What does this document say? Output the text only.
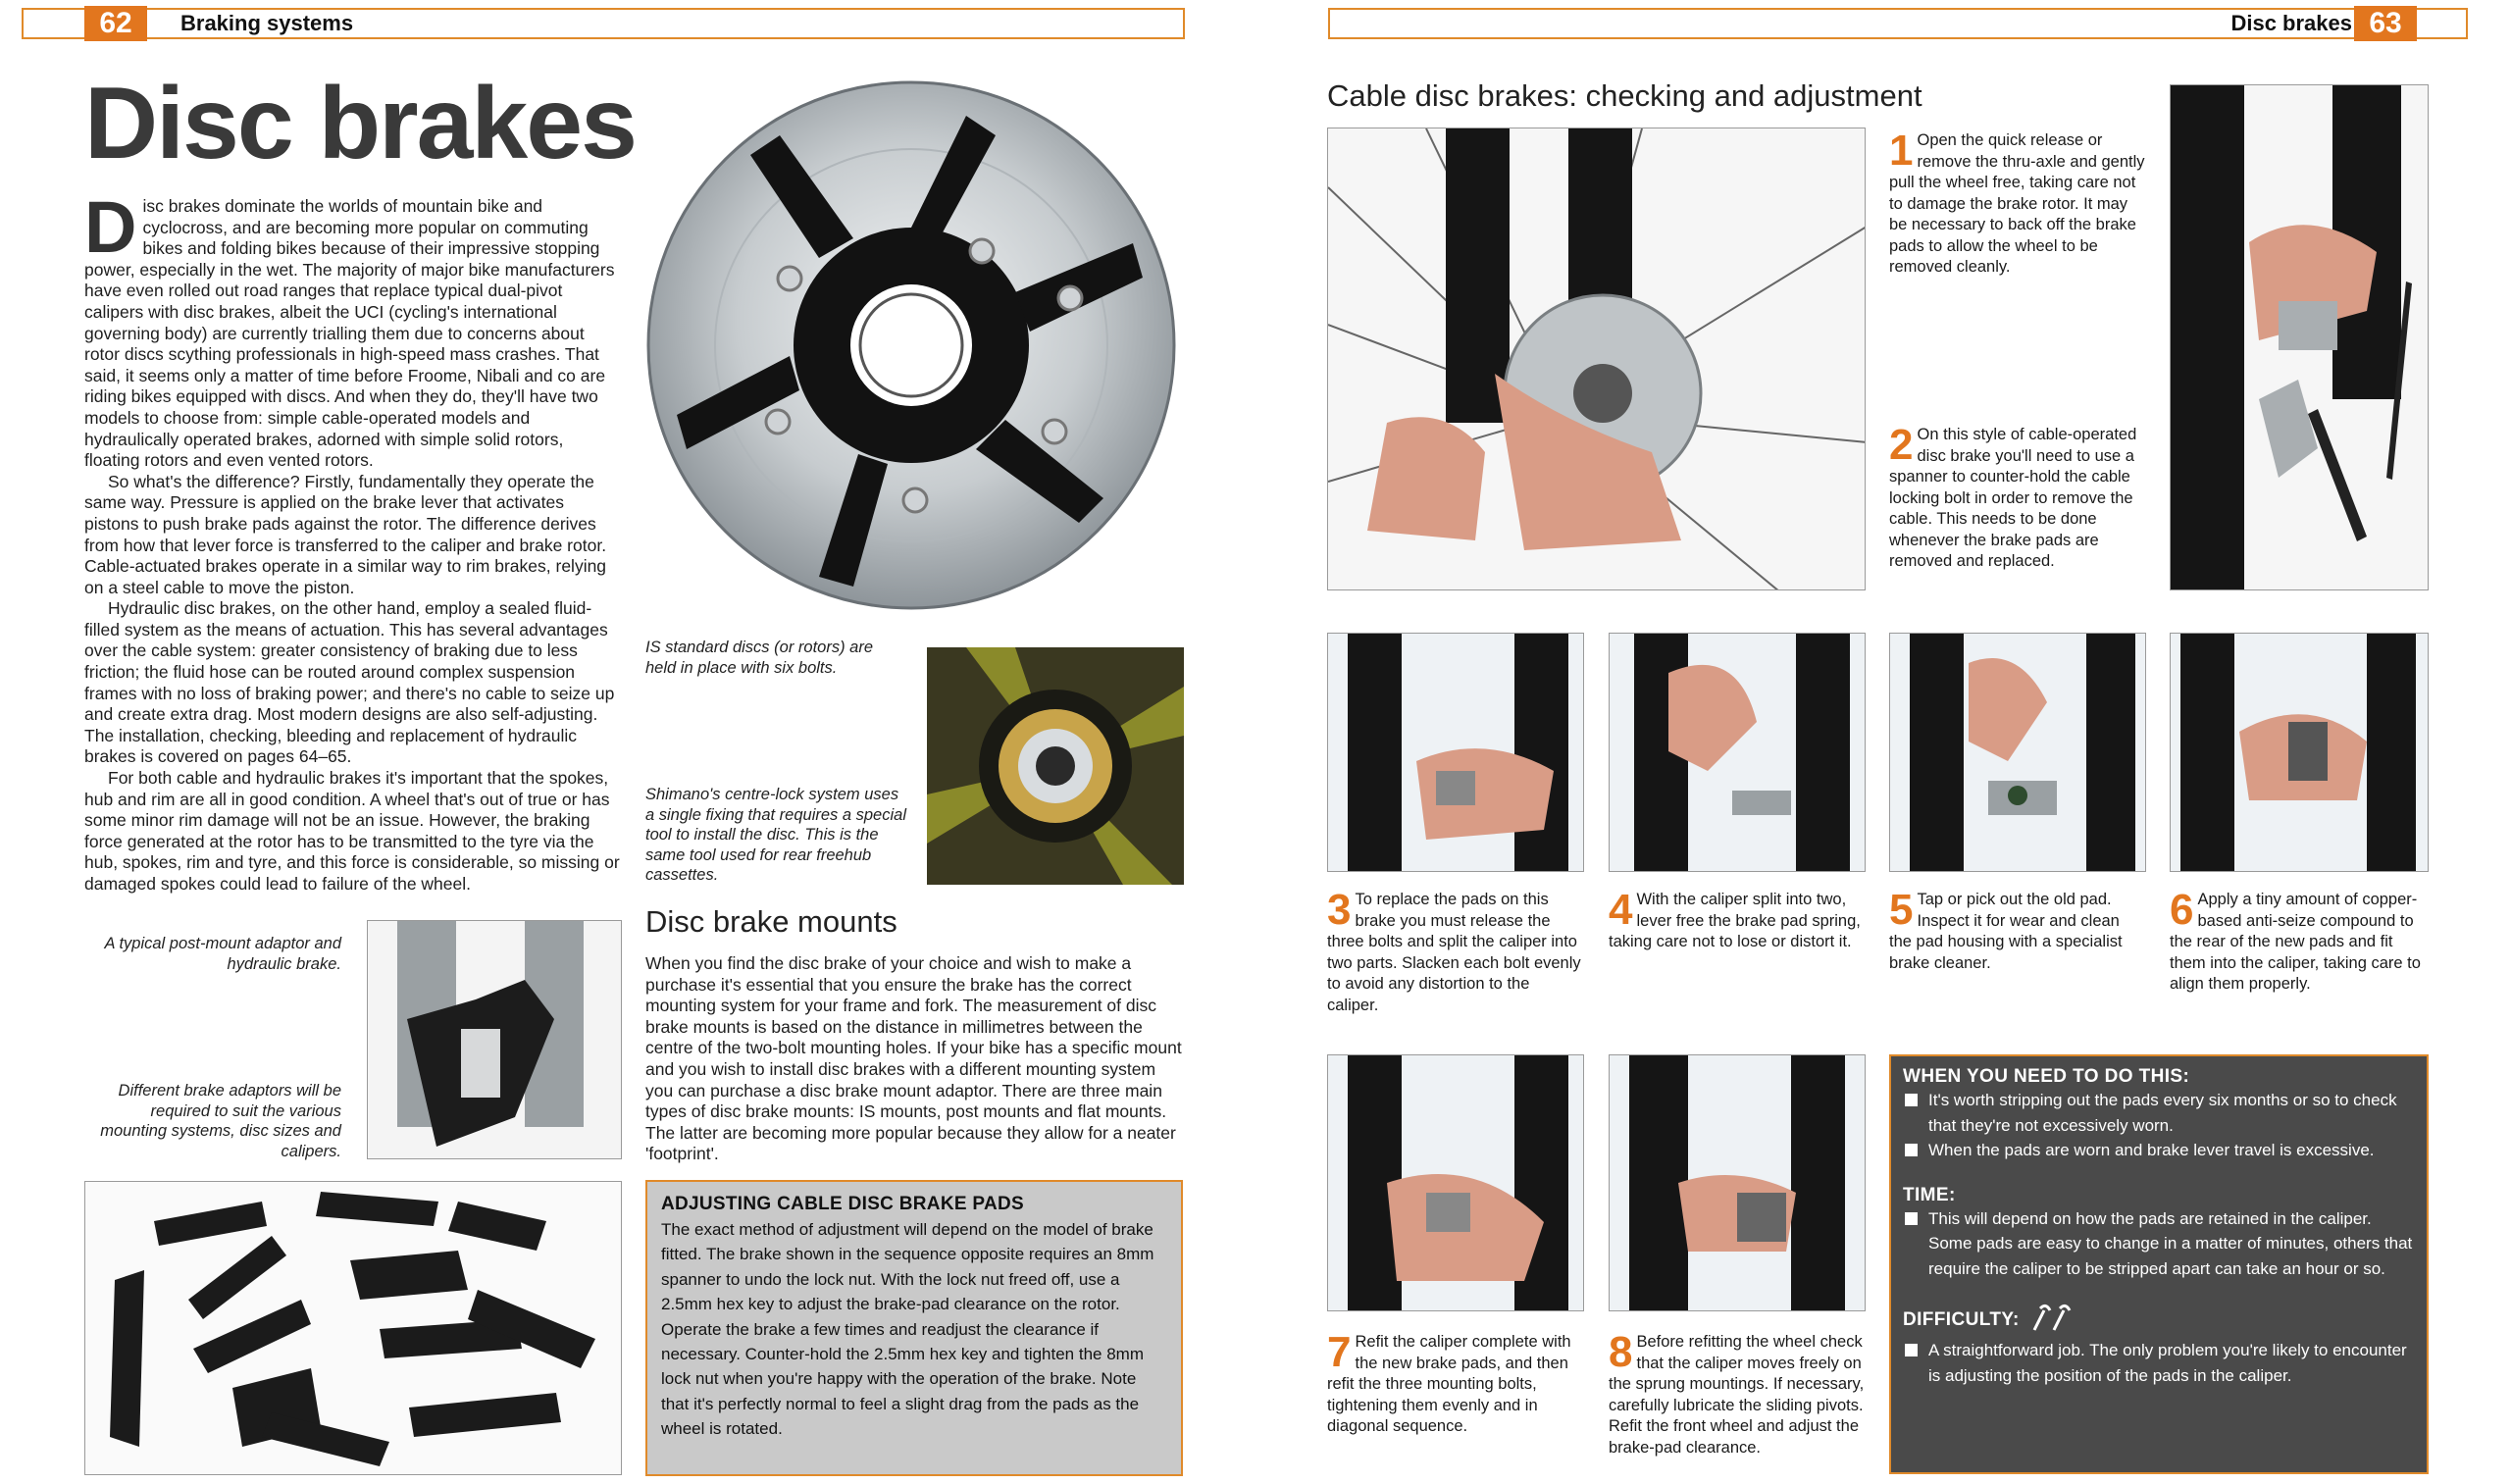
Braking systems
62
Disc brakes

Disc brakes dominate the worlds of mountain bike and cyclocross, and are becoming more popular on commuting bikes and folding bikes because of their impressive stopping power, especially in the wet. The majority of major bike manufacturers have even rolled out road ranges that replace typical dual-pivot calipers with disc brakes, albeit the UCI (cycling's international governing body) are currently trialling them due to concerns about rotor discs scything professionals in high-speed mass crashes. That said, it seems only a matter of time before Froome, Nibali and co are riding bikes equipped with discs. And when they do, they'll have two models to choose from: simple cable-operated models and hydraulically operated brakes, adorned with simple solid rotors, floating rotors and even vented rotors.

So what's the difference? Firstly, fundamentally they operate the same way. Pressure is applied on the brake lever that activates pistons to push brake pads against the rotor. The difference derives from how that lever force is transferred to the caliper and brake rotor. Cable-actuated brakes operate in a similar way to rim brakes, relying on a steel cable to move the piston.

Hydraulic disc brakes, on the other hand, employ a sealed fluid-filled system as the means of actuation. This has several advantages over the cable system: greater consistency of braking due to less friction; the fluid hose can be routed around complex suspension frames with no loss of braking power; and there's no cable to seize up and create extra drag. Most modern designs are also self-adjusting. The installation, checking, bleeding and replacement of hydraulic brakes is covered on pages 64–65.

For both cable and hydraulic brakes it's important that the spokes, hub and rim are all in good condition. A wheel that's out of true or has some minor rim damage will not be an issue. However, the braking force generated at the rotor has to be transmitted to the tyre via the hub, spokes, rim and tyre, and this force is considerable, so missing or damaged spokes could lead to failure of the wheel.

IS standard discs (or rotors) are held in place with six bolts.
Shimano's centre-lock system uses a single fixing that requires a special tool to install the disc. This is the same tool used for rear freehub cassettes.
A typical post-mount adaptor and hydraulic brake.
Different brake adaptors will be required to suit the various mounting systems, disc sizes and calipers.
Disc brake mounts
When you find the disc brake of your choice and wish to make a purchase it's essential that you ensure the brake has the correct mounting system for your frame and fork. The measurement of disc brake mounts is based on the distance in millimetres between the centre of the two-bolt mounting holes. If your bike has a specific mount and you wish to install disc brakes with a different mounting system you can purchase a disc brake mount adaptor. There are three main types of disc brake mounts: IS mounts, post mounts and flat mounts. The latter are becoming more popular because they allow for a neater 'footprint'.
ADJUSTING CABLE DISC BRAKE PADS

The exact method of adjustment will depend on the model of brake fitted. The brake shown in the sequence opposite requires an 8mm spanner to undo the lock nut. With the lock nut freed off, use a 2.5mm hex key to adjust the brake-pad clearance on the rotor. Operate the brake a few times and readjust the clearance if necessary. Counter-hold the 2.5mm hex key and tighten the 8mm lock nut when you're happy with the operation of the brake. Note that it's perfectly normal to feel a slight drag from the pads as the wheel is rotated.

Disc brakes 63
Cable disc brakes: checking and adjustment
1 Open the quick release or remove the thru-axle and gently pull the wheel free, taking care not to damage the brake rotor. It may be necessary to back off the brake pads to allow the wheel to be removed cleanly.
2 On this style of cable-operated disc brake you'll need to use a spanner to counter-hold the cable locking bolt in order to remove the cable. This needs to be done whenever the brake pads are removed and replaced.
3 To replace the pads on this brake you must release the three bolts and split the caliper into two parts. Slacken each bolt evenly to avoid any distortion to the caliper.
4 With the caliper split into two, lever free the brake pad spring, taking care not to lose or distort it.
5 Tap or pick out the old pad. Inspect it for wear and clean the pad housing with a specialist brake cleaner.
6 Apply a tiny amount of copper-based anti-seize compound to the rear of the new pads and fit them into the caliper, taking care to align them properly.
7 Refit the caliper complete with the new brake pads, and then refit the three mounting bolts, tightening them evenly and in diagonal sequence.
8 Before refitting the wheel check that the caliper moves freely on the sprung mountings. If necessary, carefully lubricate the sliding pivots. Refit the front wheel and adjust the brake-pad clearance.
WHEN YOU NEED TO DO THIS:
It's worth stripping out the pads every six months or so to check that they're not excessively worn.
When the pads are worn and brake lever travel is excessive.
TIME:
This will depend on how the pads are retained in the caliper. Some pads are easy to change in a matter of minutes, others that require the caliper to be stripped apart can take an hour or so.
DIFFICULTY:
A straightforward job. The only problem you're likely to encounter is adjusting the position of the pads in the caliper.
